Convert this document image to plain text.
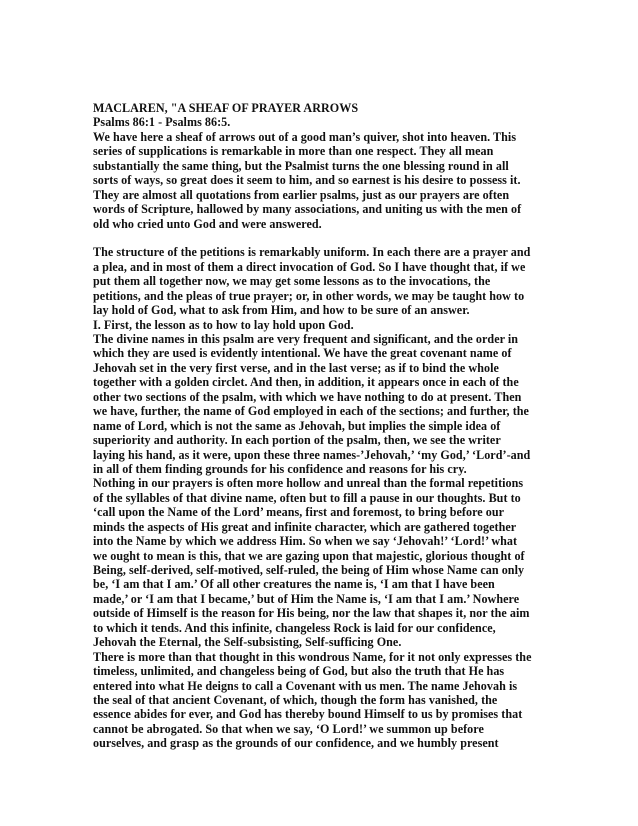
MACLAREN, "A SHEAF OF PRAYER ARROWS
Psalms 86:1 - Psalms 86:5.
We have here a sheaf of arrows out of a good man’s quiver, shot into heaven. This
series of supplications is remarkable in more than one respect. They all mean
substantially the same thing, but the Psalmist turns the one blessing round in all
sorts of ways, so great does it seem to him, and so earnest is his desire to possess it.
They are almost all quotations from earlier psalms, just as our prayers are often
words of Scripture, hallowed by many associations, and uniting us with the men of
old who cried unto God and were answered.
The structure of the petitions is remarkably uniform. In each there are a prayer and
a plea, and in most of them a direct invocation of God. So I have thought that, if we
put them all together now, we may get some lessons as to the invocations, the
petitions, and the pleas of true prayer; or, in other words, we may be taught how to
lay hold of God, what to ask from Him, and how to be sure of an answer.
I. First, the lesson as to how to lay hold upon God.
The divine names in this psalm are very frequent and significant, and the order in
which they are used is evidently intentional. We have the great covenant name of
Jehovah set in the very first verse, and in the last verse; as if to bind the whole
together with a golden circlet. And then, in addition, it appears once in each of the
other two sections of the psalm, with which we have nothing to do at present. Then
we have, further, the name of God employed in each of the sections; and further, the
name of Lord, which is not the same as Jehovah, but implies the simple idea of
superiority and authority. In each portion of the psalm, then, we see the writer
laying his hand, as it were, upon these three names-’Jehovah,’ ‘my God,’ ‘Lord’-and
in all of them finding grounds for his confidence and reasons for his cry.
Nothing in our prayers is often more hollow and unreal than the formal repetitions
of the syllables of that divine name, often but to fill a pause in our thoughts. But to
‘call upon the Name of the Lord’ means, first and foremost, to bring before our
minds the aspects of His great and infinite character, which are gathered together
into the Name by which we address Him. So when we say ‘Jehovah!’ ‘Lord!’ what
we ought to mean is this, that we are gazing upon that majestic, glorious thought of
Being, self-derived, self-motived, self-ruled, the being of Him whose Name can only
be, ‘I am that I am.’ Of all other creatures the name is, ‘I am that I have been
made,’ or ‘I am that I became,’ but of Him the Name is, ‘I am that I am.’ Nowhere
outside of Himself is the reason for His being, nor the law that shapes it, nor the aim
to which it tends. And this infinite, changeless Rock is laid for our confidence,
Jehovah the Eternal, the Self-subsisting, Self-sufficing One.
There is more than that thought in this wondrous Name, for it not only expresses the
timeless, unlimited, and changeless being of God, but also the truth that He has
entered into what He deigns to call a Covenant with us men. The name Jehovah is
the seal of that ancient Covenant, of which, though the form has vanished, the
essence abides for ever, and God has thereby bound Himself to us by promises that
cannot be abrogated. So that when we say, ‘O Lord!’ we summon up before
ourselves, and grasp as the grounds of our confidence, and we humbly present
